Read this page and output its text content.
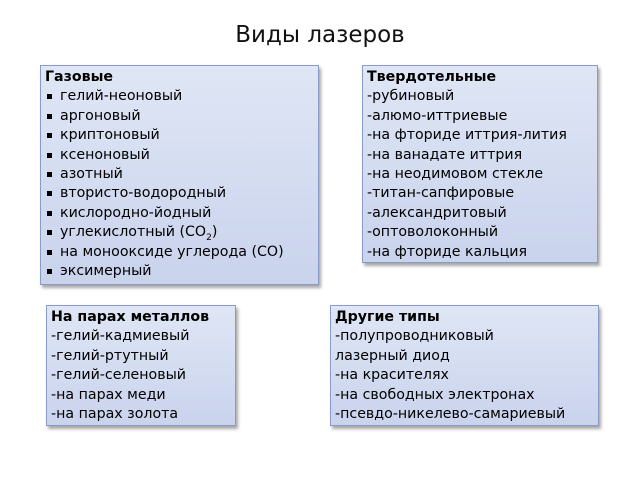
Виды лазеров
Газовые
гелий-неоновый
аргоновый
криптоновый
ксеноновый
азотный
втористо-водородный
кислородно-йодный
углекислотный $(CO_2)$
на монооксиде углерода (CO)
эксимерный
Твердотельные
-рубиновый
-алюмо-иттриевые
-на фториде иттрия-лития
-на ванадате иттрия
-на неодимовом стекле
-титан-сапфировые
-александритовый
-оптоволоконный
-на фториде кальция
На парах металлов
-гелий-кадмиевый
-гелий-ртутный
-гелий-селеновый
-на парах меди
-на парах золота
Другие типы
-полупроводниковый
лазерный диод
-на красителях
-на свободных электронах
-псевдо-никелево-самариевый
